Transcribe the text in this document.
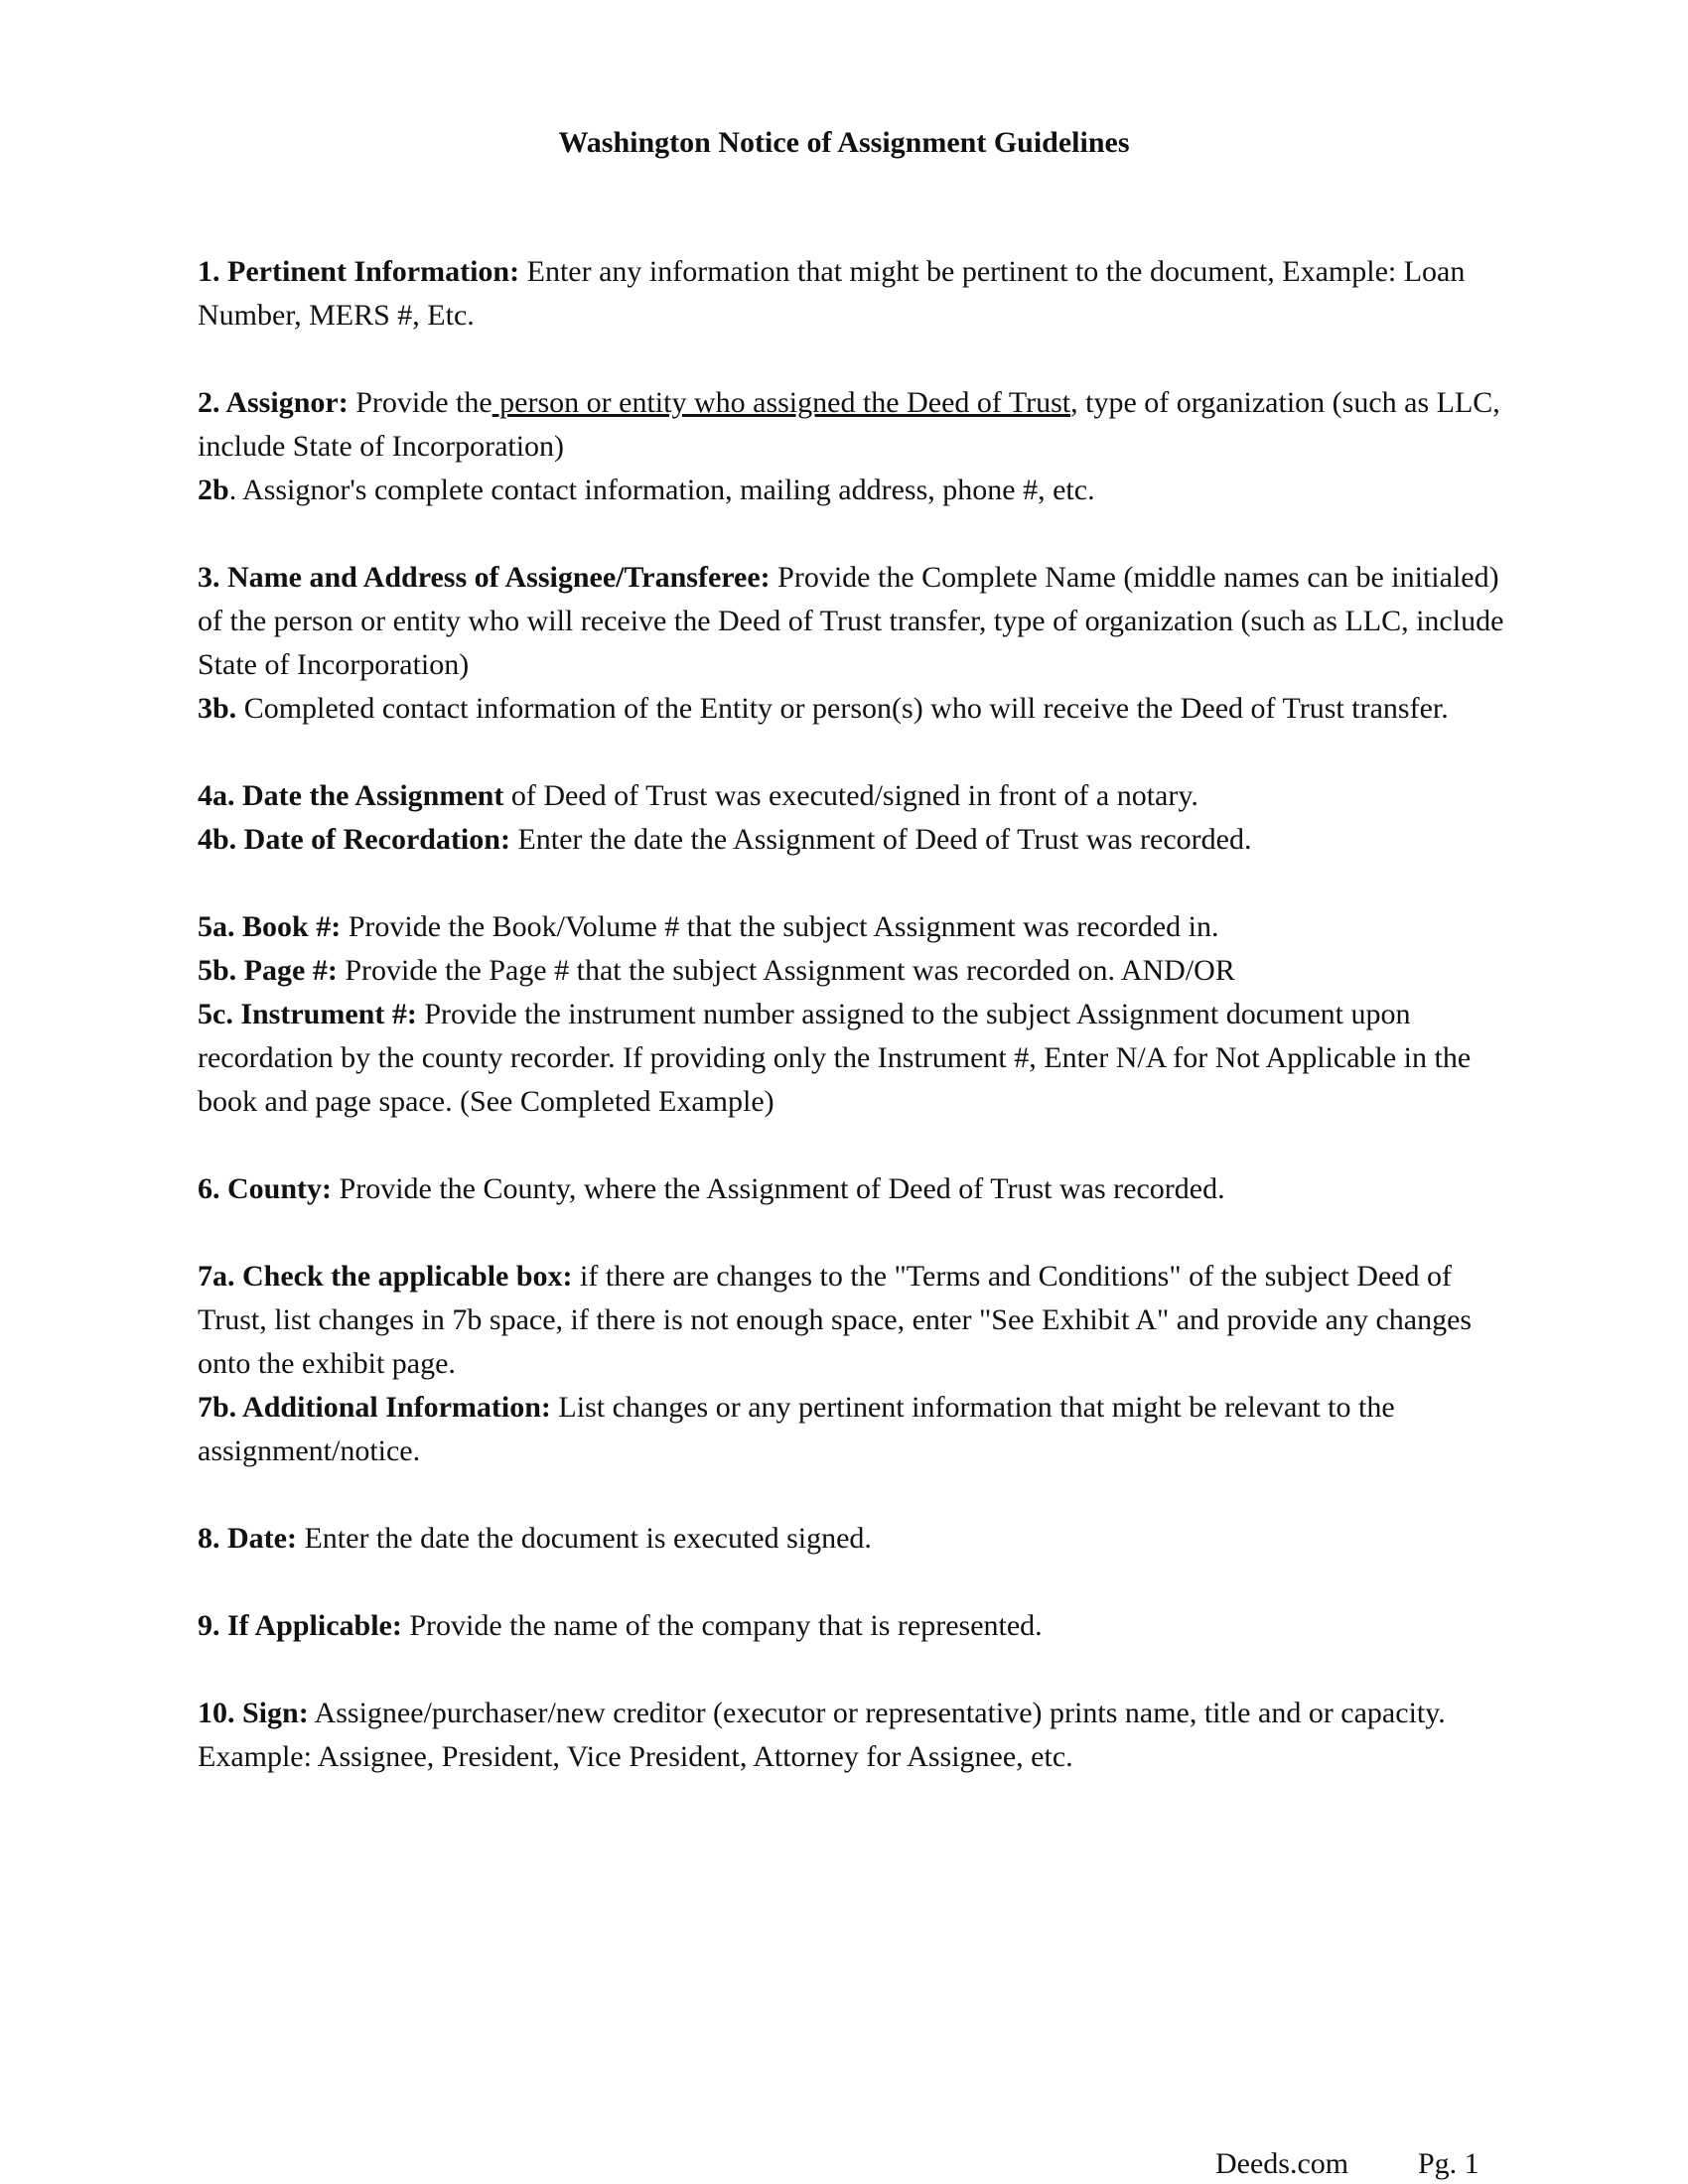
Washington Notice of Assignment Guidelines

1. Pertinent Information: Enter any information that might be pertinent to the document, Example: Loan Number, MERS #, Etc.

2. Assignor: Provide the person or entity who assigned the Deed of Trust, type of organization (such as LLC, include State of Incorporation)

2b. Assignor's complete contact information, mailing address, phone #, etc.

3. Name and Address of Assignee/Transferee: Provide the Complete Name (middle names can be initialed) of the person or entity who will receive the Deed of Trust transfer, type of organization (such as LLC, include State of Incorporation)

3b. Completed contact information of the Entity or person(s) who will receive the Deed of Trust transfer.

4a. Date the Assignment of Deed of Trust was executed/signed in front of a notary.

4b. Date of Recordation: Enter the date the Assignment of Deed of Trust was recorded.

5a. Book #: Provide the Book/Volume # that the subject Assignment was recorded in.

5b. Page #: Provide the Page # that the subject Assignment was recorded on. AND/OR

5c. Instrument #: Provide the instrument number assigned to the subject Assignment document upon recordation by the county recorder. If providing only the Instrument #, Enter N/A for Not Applicable in the book and page space. (See Completed Example)

6. County: Provide the County, where the Assignment of Deed of Trust was recorded.

7a. Check the applicable box: if there are changes to the "Terms and Conditions" of the subject Deed of Trust, list changes in 7b space, if there is not enough space, enter "See Exhibit A" and provide any changes onto the exhibit page.

7b. Additional Information: List changes or any pertinent information that might be relevant to the assignment/notice.

8. Date: Enter the date the document is executed signed.

9. If Applicable: Provide the name of the company that is represented.

10. Sign: Assignee/purchaser/new creditor (executor or representative) prints name, title and or capacity. Example: Assignee, President, Vice President, Attorney for Assignee, etc.

Deeds.com Pg. 1
